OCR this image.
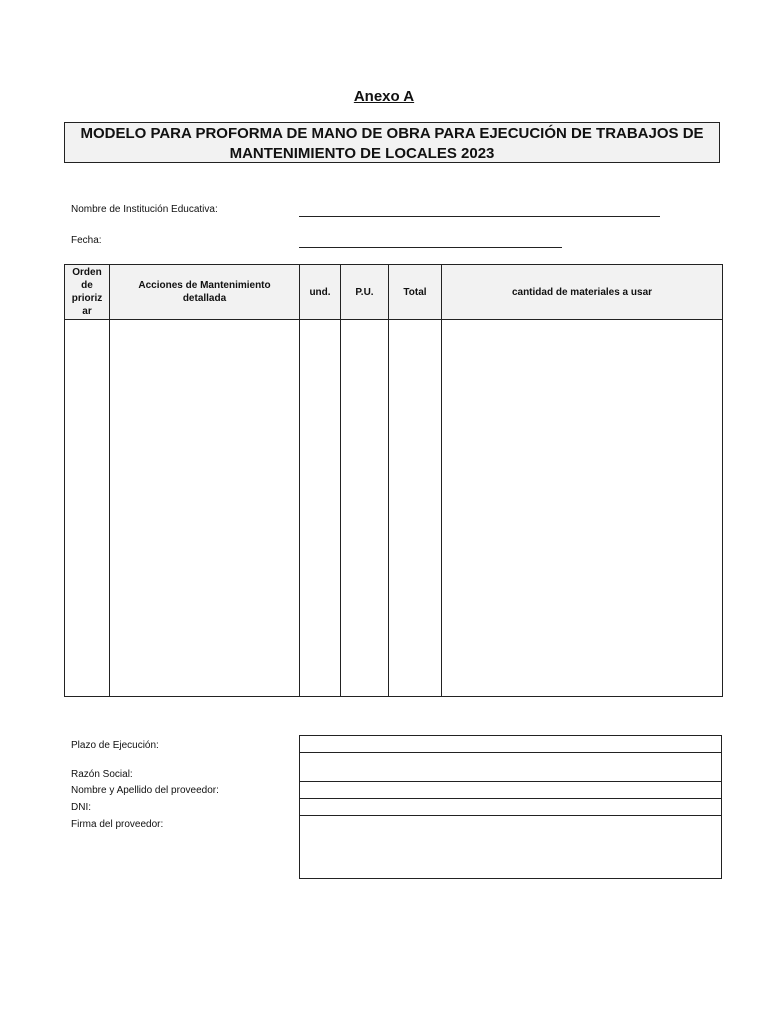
Anexo A
MODELO PARA PROFORMA DE MANO DE OBRA PARA EJECUCIÓN DE TRABAJOS DE
MANTENIMIENTO DE LOCALES 2023
Nombre de Institución Educativa:
Fecha:
Orden de prioriz ar	Acciones de Mantenimiento detallada	und.	P.U.	Total	cantidad de materiales a usar

Plazo de Ejecución:
Razón Social:
Nombre y Apellido del proveedor:
DNI:
Firma del proveedor:
